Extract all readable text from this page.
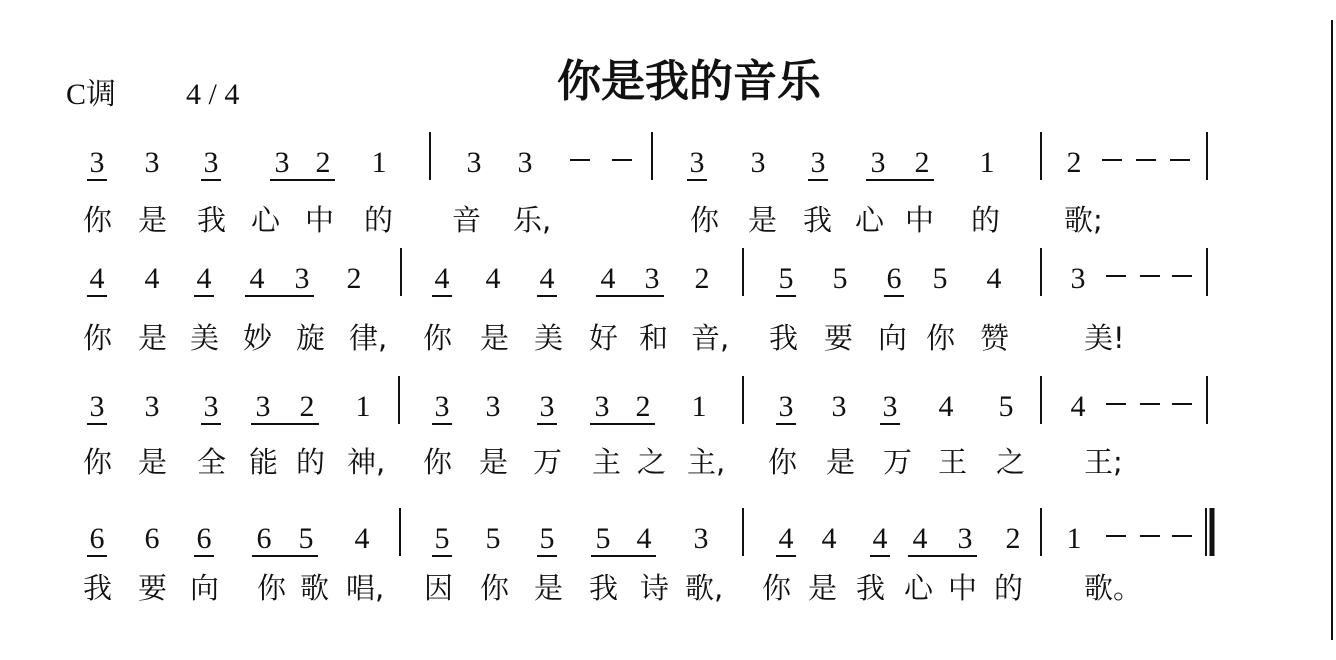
C调 4 / 4	你是我的音乐
3 3 3 3 2 1	3 3	3 3 3 3 2 1 2
你 是 我 心 中 的 音 乐,	你 是 我 心 中 的 歌;
4 4 4 4 3 2 4 4 4 4 3 2 5 5 6 5 4 3
你 是 美 妙 旋 律, 你 是 美 好 和 音, 我 要 向 你 赞	美!
3 3 3 3 2 1 3 3 3 3 2 1 3 3 3 4 5 4
你 是 全 能 的 神, 你 是 万 主 之 主, 你 是 万 王 之 王;
6 6 6 6 5 4 5 5 5 5 4 3 4 4 4 4 3 2 1
我 要 向 你 歌 唱, 因 你 是 我 诗 歌, 你 是 我 心 中 的 歌。
